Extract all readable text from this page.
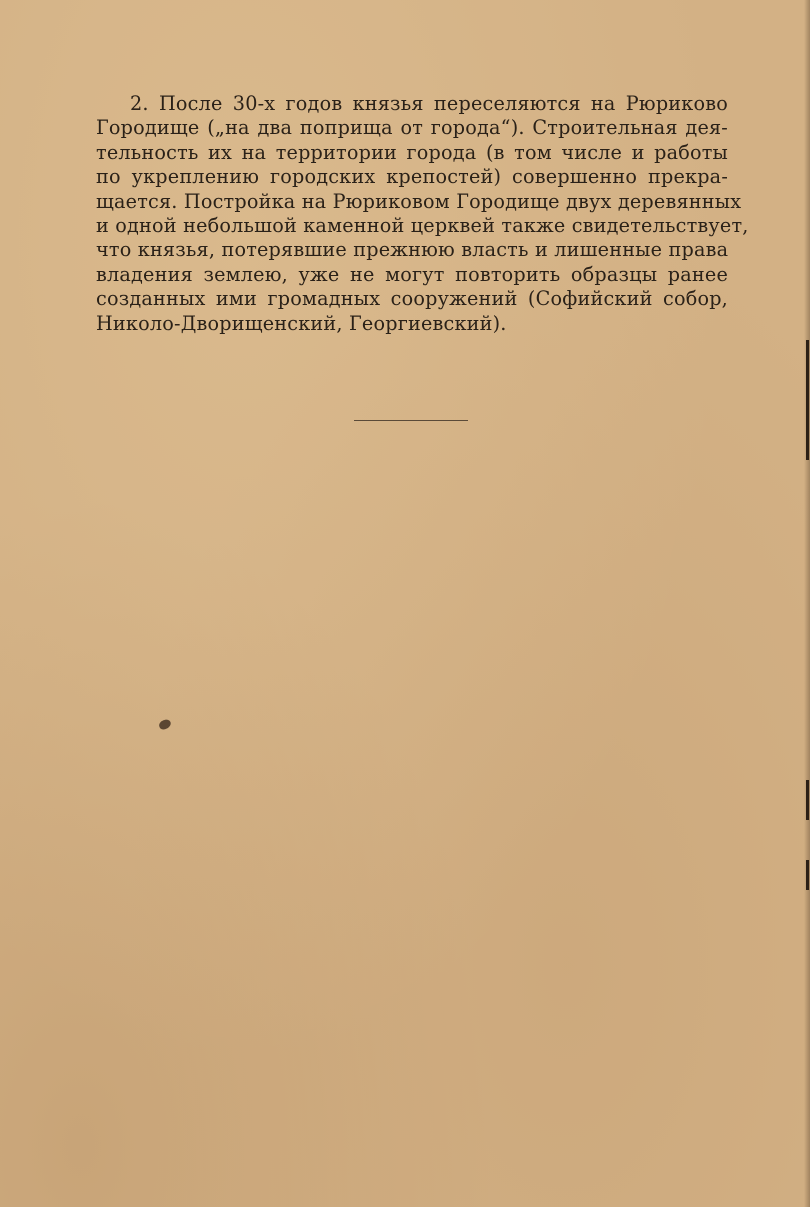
2. После 30-х годов князья переселяются на Рюриково
Городище („на два поприща от города“). Строительная дея-
тельность их на территории города (в том числе и работы
по укреплению городских крепостей) совершенно прекра-
щается. Постройка на Рюриковом Городище двух деревянных
и одной небольшой каменной церквей также свидетельствует,
что князья, потерявшие прежнюю власть и лишенные права
владения землею, уже не могут повторить образцы ранее
созданных ими громадных сооружений (Софийский собор,
Николо-Дворищенский, Георгиевский).
